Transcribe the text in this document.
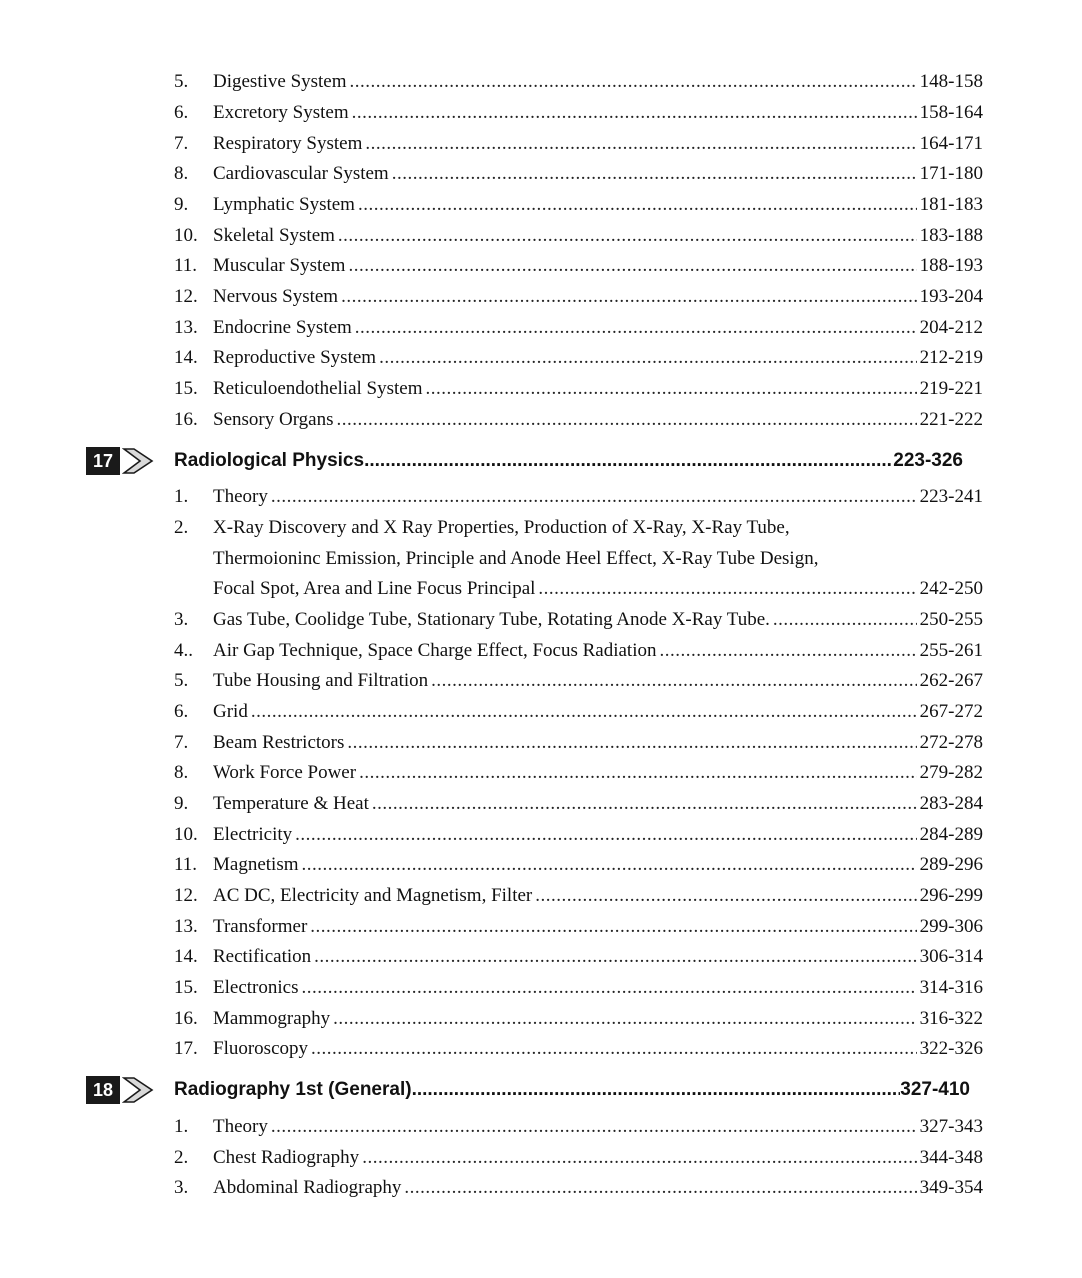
5. Digestive System .....	148-158
6. Excretory System .....	158-164
7. Respiratory System .....	164-171
8. Cardiovascular System .....	171-180
9. Lymphatic System .....	181-183
10. Skeletal System .....	183-188
11. Muscular System .....	188-193
12. Nervous System .....	193-204
13. Endocrine System .....	204-212
14. Reproductive System .....	212-219
15. Reticuloendothelial System .....	219-221
16. Sensory Organs .....	221-222
17	Radiological Physics .....	223-326
1. Theory .....	223-241
2. X-Ray Discovery and X Ray Properties, Production of X-Ray, X-Ray Tube,
Thermoioninc Emission, Principle and Anode Heel Effect, X-Ray Tube Design,
Focal Spot, Area and Line Focus Principal .....	242-250
3. Gas Tube, Coolidge Tube, Stationary Tube, Rotating Anode X-Ray Tube. .....	250-255
4.. Air Gap Technique, Space Charge Effect, Focus Radiation .....	255-261
5. Tube Housing and Filtration .....	262-267
6. Grid .....	267-272
7. Beam Restrictors .....	272-278
8. Work Force Power .....	279-282
9. Temperature & Heat .....	283-284
10. Electricity .....	284-289
11. Magnetism .....	289-296
12. AC DC, Electricity and Magnetism, Filter .....	296-299
13. Transformer .....	299-306
14. Rectification .....	306-314
15. Electronics .....	314-316
16. Mammography .....	316-322
17. Fluoroscopy .....	322-326
18	Radiography 1st (General) .....	327-410
1. Theory .....	327-343
2. Chest Radiography .....	344-348
3. Abdominal Radiography .....	349-354
